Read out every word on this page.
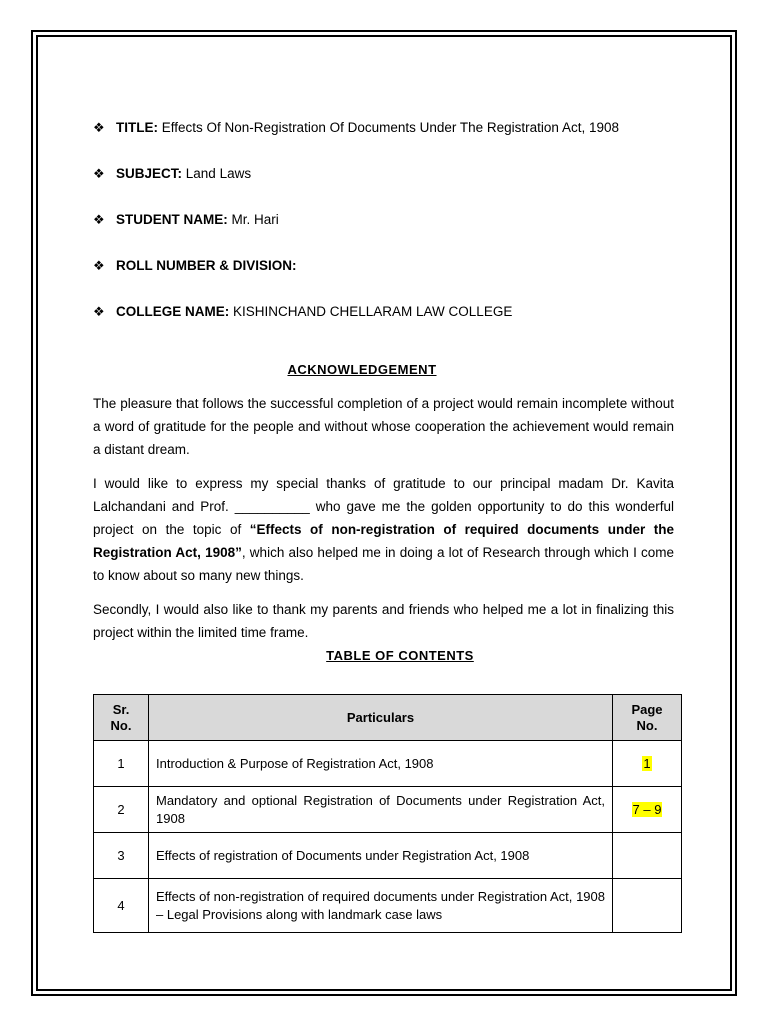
❖ TITLE: Effects Of Non-Registration Of Documents Under The Registration Act, 1908
❖ SUBJECT: Land Laws
❖ STUDENT NAME: Mr. Hari
❖ ROLL NUMBER & DIVISION:
❖ COLLEGE NAME: KISHINCHAND CHELLARAM LAW COLLEGE
ACKNOWLEDGEMENT

The pleasure that follows the successful completion of a project would remain incomplete without a word of gratitude for the people and without whose cooperation the achievement would remain a distant dream.

I would like to express my special thanks of gratitude to our principal madam Dr. Kavita Lalchandani and Prof. __________ who gave me the golden opportunity to do this wonderful project on the topic of “Effects of non-registration of required documents under the Registration Act, 1908”, which also helped me in doing a lot of Research through which I come to know about so many new things.

Secondly, I would also like to thank my parents and friends who helped me a lot in finalizing this project within the limited time frame.

TABLE OF CONTENTS
Sr. No.	Particulars	Page No.
1	Introduction & Purpose of Registration Act, 1908	1
2	Mandatory and optional Registration of Documents under Registration Act, 1908	7 – 9
3	Effects of registration of Documents under Registration Act, 1908	
4	Effects of non-registration of required documents under Registration Act, 1908 – Legal Provisions along with landmark case laws	
